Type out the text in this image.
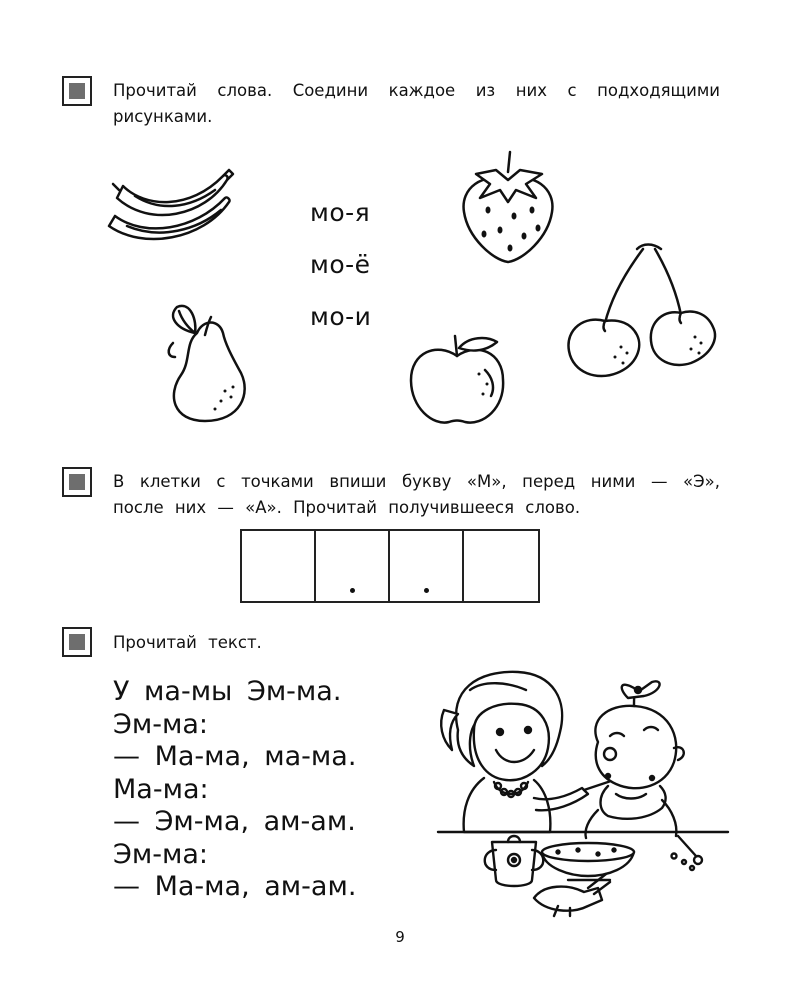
Прочитай слова. Соедини каждое из них с подходящими рисунками.
мо-я
мо-ё
мо-и
В клетки с точками впиши букву «М», перед ними — «Э», после них — «А». Прочитай получившееся слово.
Прочитай текст.
У ма-мы Эм-ма.
Эм-ма:
— Ма-ма, ма-ма.
Ма-ма:
— Эм-ма, ам-ам.
Эм-ма:
— Ма-ма, ам-ам.
9
